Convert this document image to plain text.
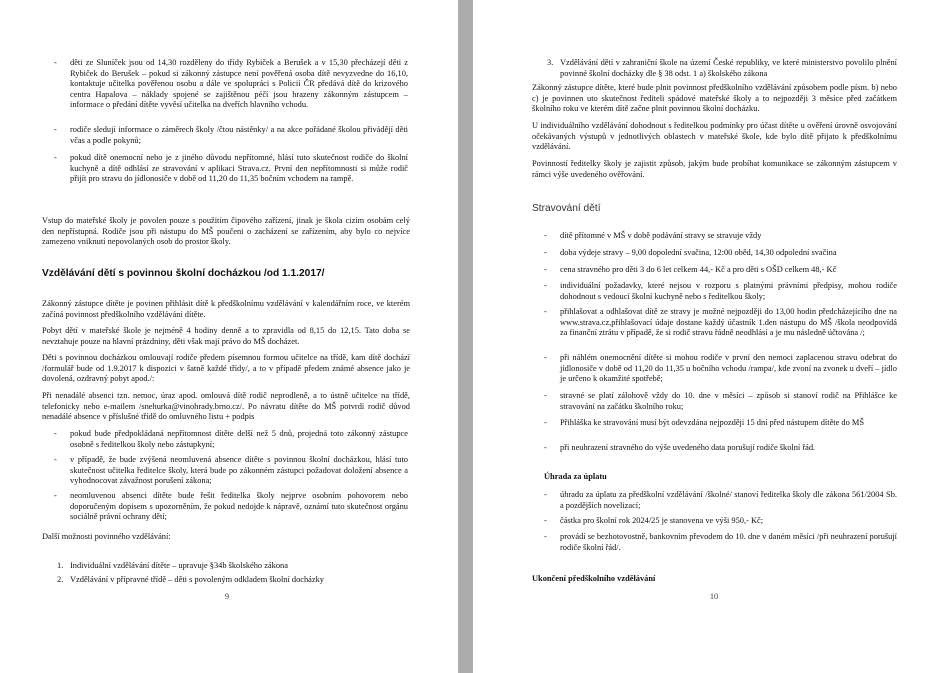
- děti ze Sluníček jsou od 14,30 rozděleny do třídy Rybiček a Berušek a v 15,30 přecházejí děti z Rybiček do Berušek – pokud si zákonný zástupce není pověřená osoba dítě nevyzvedne do 16,10, kontaktuje učitelka pověřenou osobu a dále ve spolupráci s Policií ČR předává dítě do krizového centra Hapalova – náklady spojené se zajištěnou péčí jsou hrazeny zákonným zástupcem – informace o předání dítěte vyvěsí učitelka na dveřích hlavního vchodu.
- rodiče sledují informace o záměrech školy /čtou nástěnky/ a na akce pořádané školou přivádějí děti včas a podle pokynů;
- pokud dítě onemocní nebo je z jiného důvodu nepřítomné, hlásí tuto skutečnost rodiče do školní kuchyně a dítě odhlásí ze stravování v aplikaci Strava.cz. První den nepřítomnosti si může rodič přijít pro stravu do jídlonosiče v době od 11,20 do 11,35 bočním vchodem na rampě.
Vstup do mateřské školy je povolen pouze s použitím čipového zařízení, jinak je škola cizím osobám celý den nepřístupná. Rodiče jsou při nástupu do MŠ poučeni o zacházení se zařízením, aby bylo co nejvíce zamezeno vniknutí nepovolaných osob do prostor školy.
Vzdělávání dětí s povinnou školní docházkou /od 1.1.2017/
Zákonný zástupce dítěte je povinen přihlásit dítě k předškolnímu vzdělávání v kalendářním roce, ve kterém začíná povinnost předškolního vzdělávání dítěte.
Pobyt dětí v mateřské škole je nejméně 4 hodiny denně a to zpravidla od 8,15 do 12,15. Tato doba se nevztahuje pouze na hlavní prázdniny, děti však mají právo do MŠ docházet.
Děti s povinnou docházkou omlouvají rodiče předem písemnou formou učitelce na třídě, kam dítě dochází /formulář bude od 1.9.2017 k dispozici v šatně každé třídy/, a to v případě předem známé absence jako je dovolená, ozdravný pobyt apod./:
Při nenadálé absenci tzn. nemoc, úraz apod. omlouvá dítě rodič neprodleně, a to ústně učitelce na třídě, telefonicky nebo e-mailem /snehurka@vinohrady.brno.cz/. Po návratu dítěte do MŠ potvrdí rodič důvod nenadálé absence v příslušné třídě do omluvného listu + podpis
- pokud bude předpokládaná nepřítomnost dítěte delší než 5 dnů, projedná toto zákonný zástupce osobně s ředitelkou školy nebo zástupkyní;
- v případě, že bude zvýšená neomluvená absence dítěte s povinnou školní docházkou, hlásí tuto skutečnost učitelka ředitelce školy, která bude po zákonném zástupci požadovat doložení absence a vyhodnocovat závažnost porušení zákona;
- neomluvenou absenci dítěte bude řešit ředitelka školy nejprve osobním pohovorem nebo doporučeným dopisem s upozorněním, že pokud nedojde k nápravě, oznámí tuto skutečnost orgánu sociálně právní ochrany dětí;
Další možnosti povinného vzdělávání:
1. Individuální vzdělávání dítěte – upravuje §34b školského zákona
2. Vzdělávání v přípravné třídě – děti s povoleným odkladem školní docházky
9
3. Vzdělávání dětí v zahraniční škole na území České republiky, ve které ministerstvo povolilo plnění povinné školní docházky dle § 38 odst. 1 a) školského zákona
Zákonný zástupce dítěte, které bude plnit povinnost předškolního vzdělávání způsobem podle písm. b) nebo c) je povinnen uto skutečnost řediteli spádové mateřské školy a to nejpozději 3 měsíce před začátkem školního roku ve kterém dítě začne plnit povinnou školní docházku.
U individuálního vzdělávání dohodnout s ředitelkou podmínky pro účast dítěte u ověření úrovně osvojování očekávaných výstupů v jednotlivých oblastech v mateřské škole, kde bylo dítě přijato k předškolnímu vzdělávání.
Povinností ředitelky školy je zajistit způsob, jakým bude probíhat komunikace se zákonným zástupcem v rámci výše uvedeného ověřování.
Stravování dětí
- dítě přítomné v MŠ v době podávání stravy se stravuje vždy
- doba výdeje stravy – 9,00 dopolední svačina, 12:00 oběd, 14,30 odpolední svačina
- cena stravného pro děti 3 do 6 let celkem 44,- Kč a pro děti s OŠD celkem 48,- Kč
- individuální požadavky, které nejsou v rozporu s platnými právními předpisy, mohou rodiče dohodnout s vedoucí školní kuchyně nebo s ředitelkou školy;
- přihlašovat a odhlašovat dítě ze stravy je možné nejpozději do 13,00 hodin předcházejícího dne na www.strava.cz,přihlašovací údaje dostane každý účastník 1.den nástupu do MŠ /škola neodpovídá za finanční ztrátu v případě, že si rodič stravu řádně neodhlásí a je mu následně účtována /;
- při náhlém onemocnění dítěte si mohou rodiče v první den nemoci zaplacenou stravu odebrat do jídlonosiče v době od 11,20 do 11,35 u bočního vchodu /rampa/, kde zvoní na zvonek u dveří – jídlo je určeno k okamžité spotřebě;
- stravné se platí zálohově vždy do 10. dne v měsíci – způsob si stanoví rodič na Přihlášce ke stravování na začátku školního roku;
- Přihláška ke stravování musí být odevzdána nejpozději 15 dní před nástupem dítěte do MŠ
- při neuhrazení stravného do výše uvedeného data porušují rodiče školní řád.
Úhrada za úplatu
- úhradu za úplatu za předškolní vzdělávání /školné/ stanoví ředitelka školy dle zákona 561/2004 Sb. a pozdějších novelizací;
- částka pro školní rok 2024/25 je stanovena ve výši 950,- Kč;
- provádí se bezhotovostně, bankovním převodem do 10. dne v daném měsíci /při neuhrazení porušují rodiče školní řád/.
Ukončení předškolního vzdělávání
10
